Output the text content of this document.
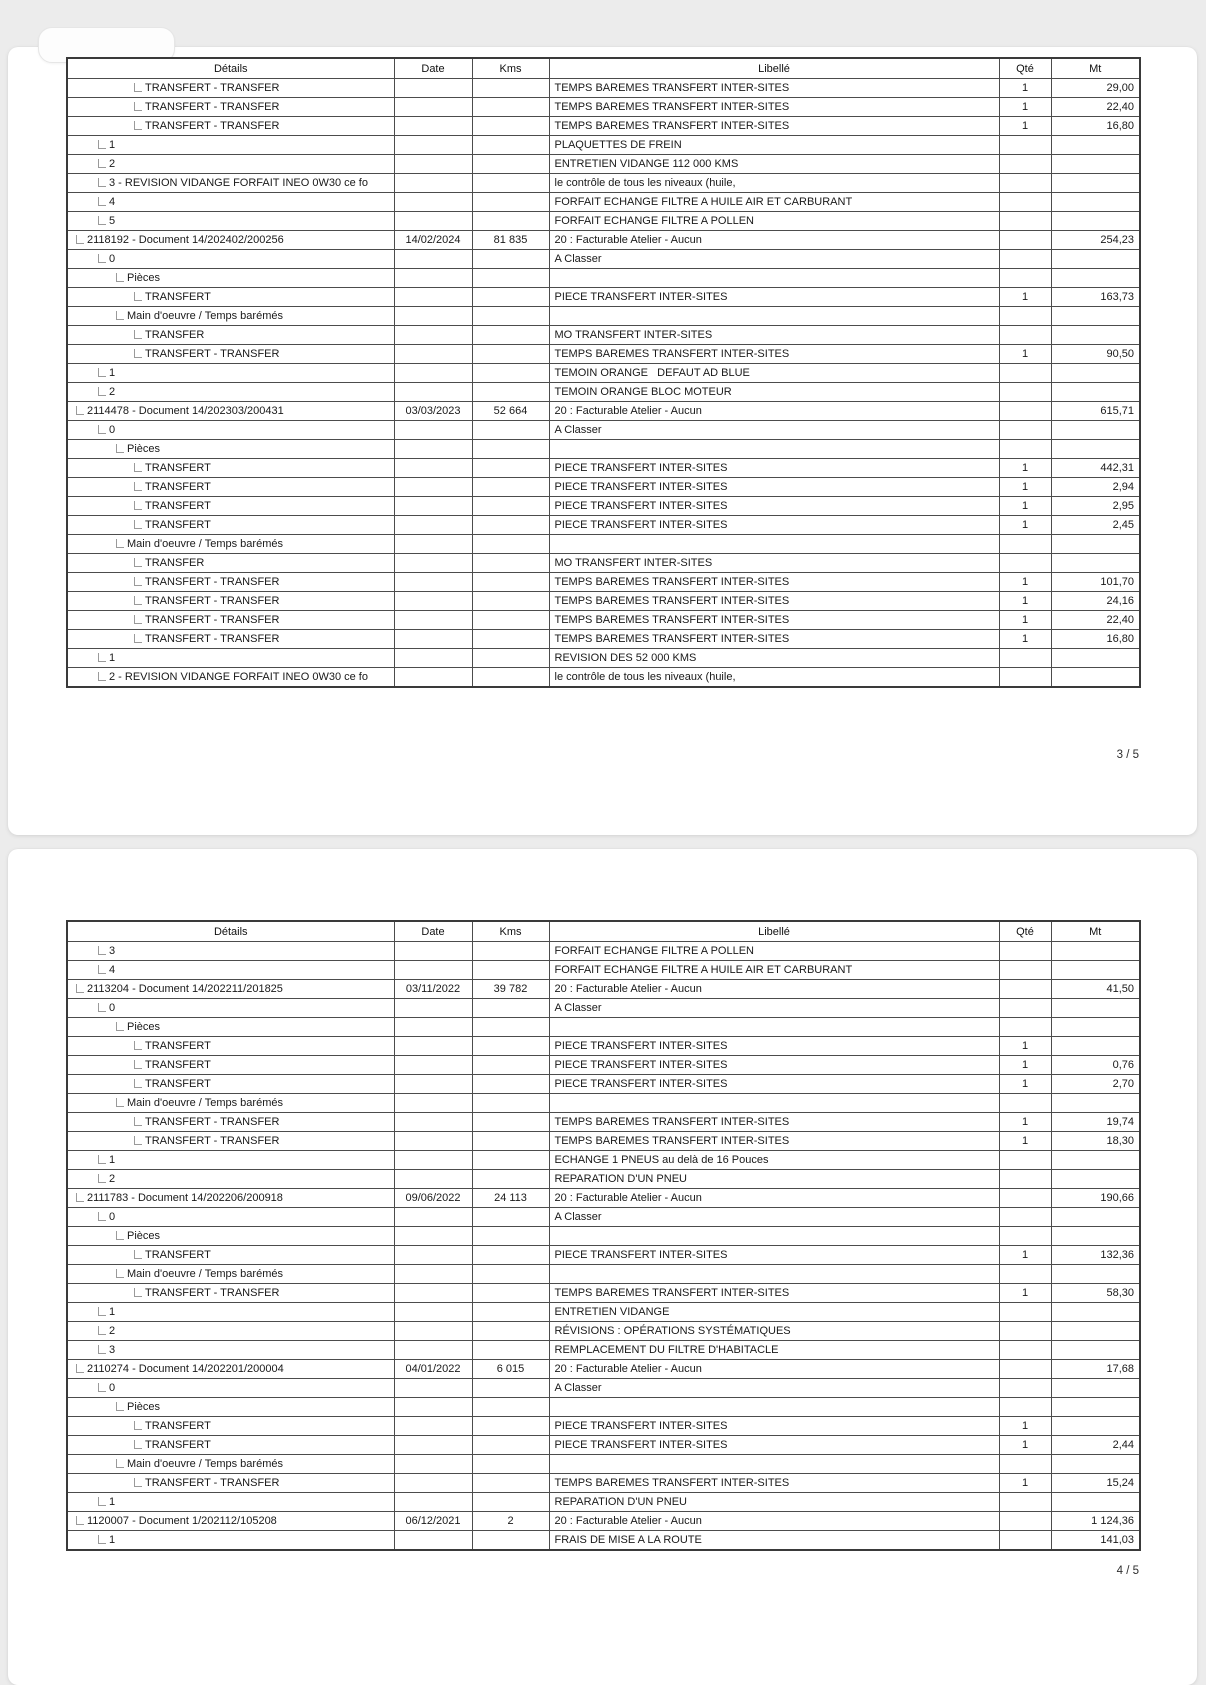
Détails	Date	Kms	Libellé	Qté	Mt
TRANSFERT - TRANSFER			TEMPS BAREMES TRANSFERT INTER-SITES	1	29,00
TRANSFERT - TRANSFER			TEMPS BAREMES TRANSFERT INTER-SITES	1	22,40
TRANSFERT - TRANSFER			TEMPS BAREMES TRANSFERT INTER-SITES	1	16,80
1			PLAQUETTES DE FREIN		
2			ENTRETIEN VIDANGE 112 000 KMS		
3 - REVISION VIDANGE FORFAIT INEO 0W30 ce fo			le contrôle de tous les niveaux (huile,		
4			FORFAIT ECHANGE FILTRE A HUILE AIR ET CARBURANT		
5			FORFAIT ECHANGE FILTRE A POLLEN		
2118192 - Document 14/202402/200256	14/02/2024	81 835	20 : Facturable Atelier - Aucun		254,23
0			A Classer		
Pièces					
TRANSFERT			PIECE TRANSFERT INTER-SITES	1	163,73
Main d'oeuvre / Temps barémés					
TRANSFER			MO TRANSFERT INTER-SITES		
TRANSFERT - TRANSFER			TEMPS BAREMES TRANSFERT INTER-SITES	1	90,50
1			TEMOIN ORANGE   DEFAUT AD BLUE		
2			TEMOIN ORANGE BLOC MOTEUR		
2114478 - Document 14/202303/200431	03/03/2023	52 664	20 : Facturable Atelier - Aucun		615,71
0			A Classer		
Pièces					
TRANSFERT			PIECE TRANSFERT INTER-SITES	1	442,31
TRANSFERT			PIECE TRANSFERT INTER-SITES	1	2,94
TRANSFERT			PIECE TRANSFERT INTER-SITES	1	2,95
TRANSFERT			PIECE TRANSFERT INTER-SITES	1	2,45
Main d'oeuvre / Temps barémés					
TRANSFER			MO TRANSFERT INTER-SITES		
TRANSFERT - TRANSFER			TEMPS BAREMES TRANSFERT INTER-SITES	1	101,70
TRANSFERT - TRANSFER			TEMPS BAREMES TRANSFERT INTER-SITES	1	24,16
TRANSFERT - TRANSFER			TEMPS BAREMES TRANSFERT INTER-SITES	1	22,40
TRANSFERT - TRANSFER			TEMPS BAREMES TRANSFERT INTER-SITES	1	16,80
1			REVISION DES 52 000 KMS		
2 - REVISION VIDANGE FORFAIT INEO 0W30 ce fo			le contrôle de tous les niveaux (huile,		
3 / 5
Détails	Date	Kms	Libellé	Qté	Mt
3			FORFAIT ECHANGE FILTRE A POLLEN		
4			FORFAIT ECHANGE FILTRE A HUILE AIR ET CARBURANT		
2113204 - Document 14/202211/201825	03/11/2022	39 782	20 : Facturable Atelier - Aucun		41,50
0			A Classer		
Pièces					
TRANSFERT			PIECE TRANSFERT INTER-SITES	1	
TRANSFERT			PIECE TRANSFERT INTER-SITES	1	0,76
TRANSFERT			PIECE TRANSFERT INTER-SITES	1	2,70
Main d'oeuvre / Temps barémés					
TRANSFERT - TRANSFER			TEMPS BAREMES TRANSFERT INTER-SITES	1	19,74
TRANSFERT - TRANSFER			TEMPS BAREMES TRANSFERT INTER-SITES	1	18,30
1			ECHANGE 1 PNEUS au delà de 16 Pouces		
2			REPARATION D'UN PNEU		
2111783 - Document 14/202206/200918	09/06/2022	24 113	20 : Facturable Atelier - Aucun		190,66
0			A Classer		
Pièces					
TRANSFERT			PIECE TRANSFERT INTER-SITES	1	132,36
Main d'oeuvre / Temps barémés					
TRANSFERT - TRANSFER			TEMPS BAREMES TRANSFERT INTER-SITES	1	58,30
1			ENTRETIEN VIDANGE		
2			RÉVISIONS : OPÉRATIONS SYSTÉMATIQUES		
3			REMPLACEMENT DU FILTRE D'HABITACLE		
2110274 - Document 14/202201/200004	04/01/2022	6 015	20 : Facturable Atelier - Aucun		17,68
0			A Classer		
Pièces					
TRANSFERT			PIECE TRANSFERT INTER-SITES	1	
TRANSFERT			PIECE TRANSFERT INTER-SITES	1	2,44
Main d'oeuvre / Temps barémés					
TRANSFERT - TRANSFER			TEMPS BAREMES TRANSFERT INTER-SITES	1	15,24
1			REPARATION D'UN PNEU		
1120007 - Document 1/202112/105208	06/12/2021	2	20 : Facturable Atelier - Aucun		1 124,36
1			FRAIS DE MISE A LA ROUTE		141,03
4 / 5
